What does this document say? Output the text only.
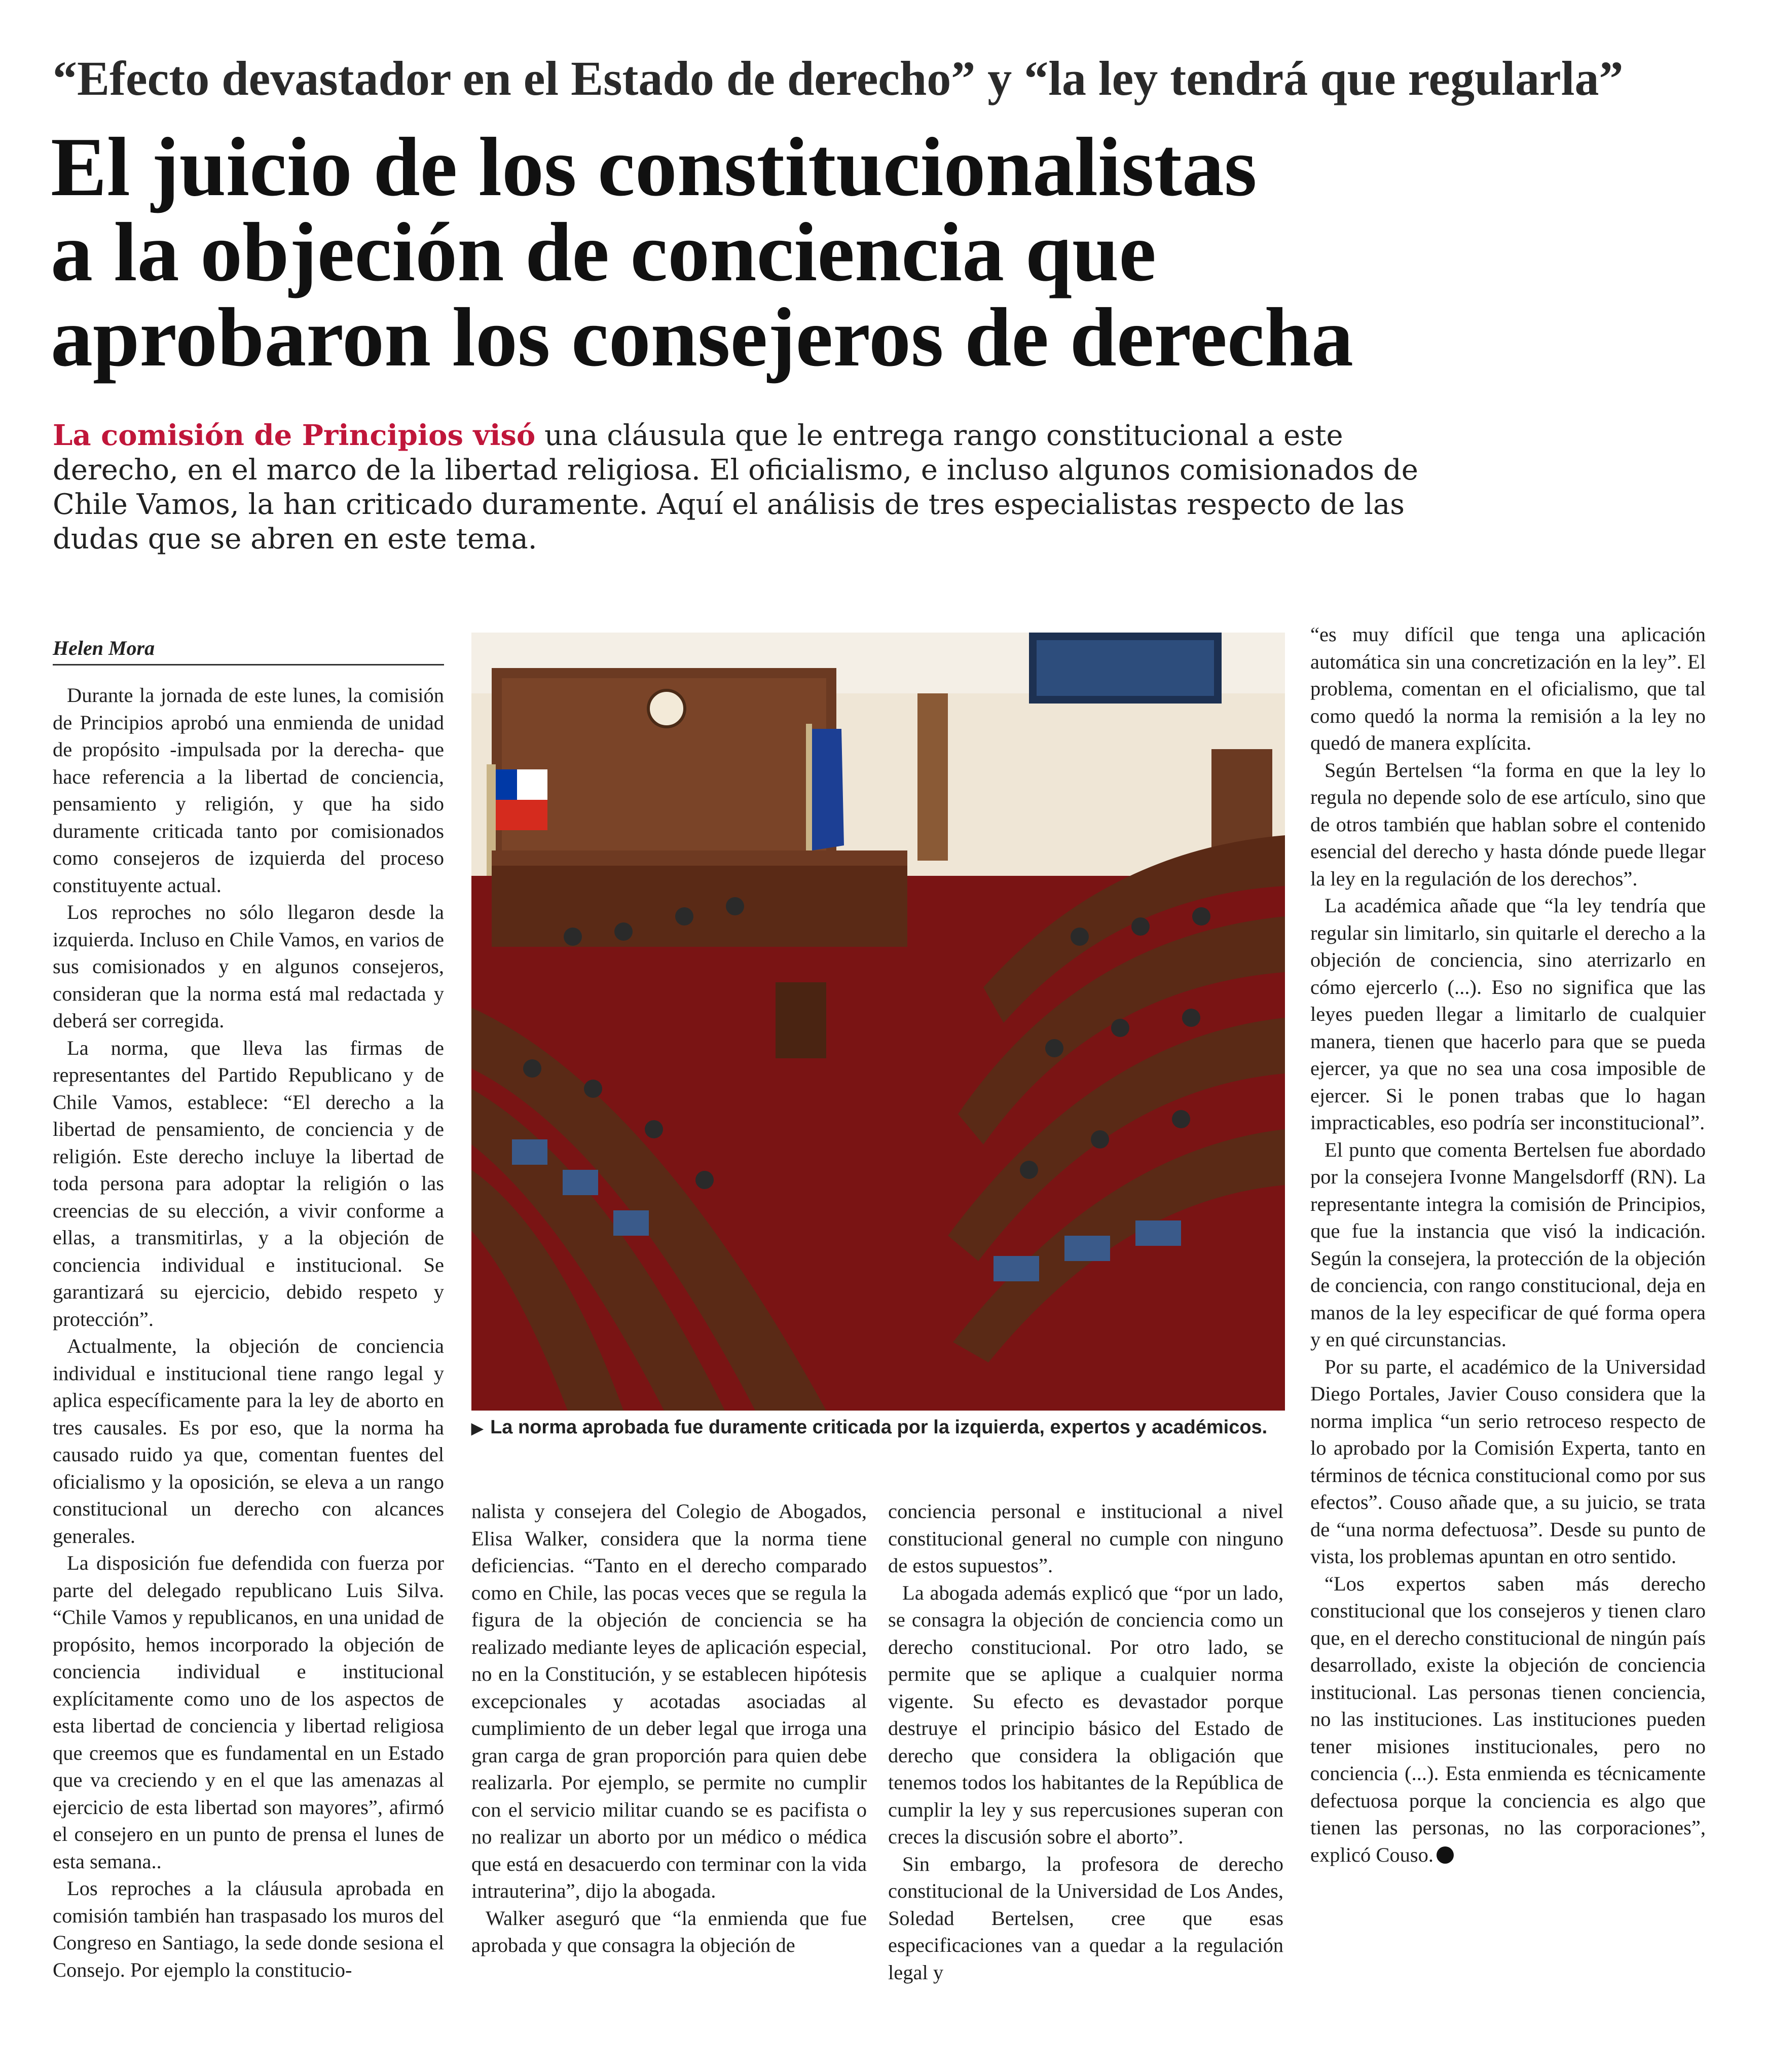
“Efecto devastador en el Estado de derecho” y “la ley tendrá que regularla”
El juicio de los constitucionalistas
a la objeción de conciencia que
aprobaron los consejeros de derecha
La comisión de Principios visó una cláusula que le entrega rango constitucional a este derecho, en el marco de la libertad religiosa. El oficialismo, e incluso algunos comisionados de Chile Vamos, la han criticado duramente. Aquí el análisis de tres especialistas respecto de las dudas que se abren en este tema.
Helen Mora

Durante la jornada de este lunes, la comisión de Principios aprobó una enmienda de unidad de propósito -impulsada por la derecha- que hace referencia a la libertad de conciencia, pensamiento y religión, y que ha sido duramente criticada tanto por comisionados como consejeros de izquierda del proceso constituyente actual.

Los reproches no sólo llegaron desde la izquierda. Incluso en Chile Vamos, en varios de sus comisionados y en algunos consejeros, consideran que la norma está mal redactada y deberá ser corregida.

La norma, que lleva las firmas de representantes del Partido Republicano y de Chile Vamos, establece: “El derecho a la libertad de pensamiento, de conciencia y de religión. Este derecho incluye la libertad de toda persona para adoptar la religión o las creencias de su elección, a vivir conforme a ellas, a transmitirlas, y a la objeción de conciencia individual e institucional. Se garantizará su ejercicio, debido respeto y protección”.

Actualmente, la objeción de conciencia individual e institucional tiene rango legal y aplica específicamente para la ley de aborto en tres causales. Es por eso, que la norma ha causado ruido ya que, comentan fuentes del oficialismo y la oposición, se eleva a un rango constitucional un derecho con alcances generales.

La disposición fue defendida con fuerza por parte del delegado republicano Luis Silva. “Chile Vamos y republicanos, en una unidad de propósito, hemos incorporado la objeción de conciencia individual e institucional explícitamente como uno de los aspectos de esta libertad de conciencia y libertad religiosa que creemos que es fundamental en un Estado que va creciendo y en el que las amenazas al ejercicio de esta libertad son mayores”, afirmó el consejero en un punto de prensa el lunes de esta semana..

Los reproches a la cláusula aprobada en comisión también han traspasado los muros del Congreso en Santiago, la sede donde sesiona el Consejo. Por ejemplo la constitucio-

▶ La norma aprobada fue duramente criticada por la izquierda, expertos y académicos.

nalista y consejera del Colegio de Abogados, Elisa Walker, considera que la norma tiene deficiencias. “Tanto en el derecho comparado como en Chile, las pocas veces que se regula la figura de la objeción de conciencia se ha realizado mediante leyes de aplicación especial, no en la Constitución, y se establecen hipótesis excepcionales y acotadas asociadas al cumplimiento de un deber legal que irroga una gran carga de gran proporción para quien debe realizarla. Por ejemplo, se permite no cumplir con el servicio militar cuando se es pacifista o no realizar un aborto por un médico o médica que está en desacuerdo con terminar con la vida intrauterina”, dijo la abogada.

Walker aseguró que “la enmienda que fue aprobada y que consagra la objeción de

conciencia personal e institucional a nivel constitucional general no cumple con ninguno de estos supuestos”.

La abogada además explicó que “por un lado, se consagra la objeción de conciencia como un derecho constitucional. Por otro lado, se permite que se aplique a cualquier norma vigente. Su efecto es devastador porque destruye el principio básico del Estado de derecho que considera la obligación que tenemos todos los habitantes de la República de cumplir la ley y sus repercusiones superan con creces la discusión sobre el aborto”.

Sin embargo, la profesora de derecho constitucional de la Universidad de Los Andes, Soledad Bertelsen, cree que esas especificaciones van a quedar a la regulación legal y

“es muy difícil que tenga una aplicación automática sin una concretización en la ley”. El problema, comentan en el oficialismo, que tal como quedó la norma la remisión a la ley no quedó de manera explícita.

Según Bertelsen “la forma en que la ley lo regula no depende solo de ese artículo, sino que de otros también que hablan sobre el contenido esencial del derecho y hasta dónde puede llegar la ley en la regulación de los derechos”.

La académica añade que “la ley tendría que regular sin limitarlo, sin quitarle el derecho a la objeción de conciencia, sino aterrizarlo en cómo ejercerlo (...). Eso no significa que las leyes pueden llegar a limitarlo de cualquier manera, tienen que hacerlo para que se pueda ejercer, ya que no sea una cosa imposible de ejercer. Si le ponen trabas que lo hagan impracticables, eso podría ser inconstitucional”.

El punto que comenta Bertelsen fue abordado por la consejera Ivonne Mangelsdorff (RN). La representante integra la comisión de Principios, que fue la instancia que visó la indicación. Según la consejera, la protección de la objeción de conciencia, con rango constitucional, deja en manos de la ley especificar de qué forma opera y en qué circunstancias.

Por su parte, el académico de la Universidad Diego Portales, Javier Couso considera que la norma implica “un serio retroceso respecto de lo aprobado por la Comisión Experta, tanto en términos de técnica constitucional como por sus efectos”. Couso añade que, a su juicio, se trata de “una norma defectuosa”. Desde su punto de vista, los problemas apuntan en otro sentido.

“Los expertos saben más derecho constitucional que los consejeros y tienen claro que, en el derecho constitucional de ningún país desarrollado, existe la objeción de conciencia institucional. Las personas tienen conciencia, no las instituciones. Las instituciones pueden tener misiones institucionales, pero no conciencia (...). Esta enmienda es técnicamente defectuosa porque la conciencia es algo que tienen las personas, no las corporaciones”, explicó Couso.
